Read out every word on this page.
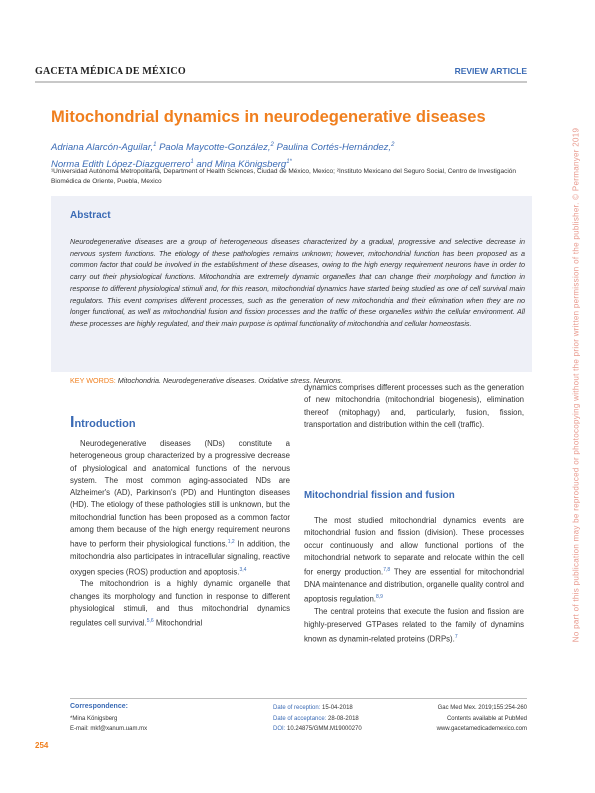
GACETA MÉDICA DE MÉXICO	REVIEW ARTICLE
Mitochondrial dynamics in neurodegenerative diseases
Adriana Alarcón-Aguilar,$^1$ Paola Maycotte-González,$^2$ Paulina Cortés-Hernández,$^2$
Norma Edith López-Diazguerrero$^1$ and Mina Königsberg$^{1*}$
¹Universidad Autónoma Metropolitana, Department of Health Sciences, Ciudad de México, Mexico; ²Instituto Mexicano del Seguro Social, Centro de Investigación Biomédica de Oriente, Puebla, Mexico
Abstract
Neurodegenerative diseases are a group of heterogeneous diseases characterized by a gradual, progressive and selective decrease in nervous system functions. The etiology of these pathologies remains unknown; however, mitochondrial function has been proposed as a common factor that could be involved in the establishment of these diseases, owing to the high energy requirement neurons have in order to carry out their physiological functions. Mitochondria are extremely dynamic organelles that can change their morphology and function in response to different physiological stimuli and, for this reason, mitochondrial dynamics have started being studied as one of cell survival main regulators. This event comprises different processes, such as the generation of new mitochondria and their elimination when they are no longer functional, as well as mitochondrial fusion and fission processes and the traffic of these organelles within the cellular environment. All these processes are highly regulated, and their main purpose is optimal functionality of mitochondria and cellular homeostasis.
KEY WORDS: Mitochondria. Neurodegenerative diseases. Oxidative stress. Neurons.
Introduction

Neurodegenerative diseases (NDs) constitute a heterogeneous group characterized by a progressive decrease of physiological and anatomical functions of the nervous system. The most common aging-associated NDs are Alzheimer's (AD), Parkinson's (PD) and Huntington diseases (HD). The etiology of these pathologies still is unknown, but the mitochondrial function has been proposed as a common factor among them because of the high energy requirement neurons have to perform their physiological functions.$^{1,2}$ In addition, the mitochondria also participates in intracellular signaling, reactive oxygen species (ROS) production and apoptosis.$^{3,4}$

The mitochondrion is a highly dynamic organelle that changes its morphology and function in response to different physiological stimuli, and thus mitochondrial dynamics regulates cell survival.$^{5,6}$ Mitochondrial

dynamics comprises different processes such as the generation of new mitochondria (mitochondrial biogenesis), elimination thereof (mitophagy) and, particularly, fusion, fission, transportation and distribution within the cell (traffic).

Mitochondrial fission and fusion

The most studied mitochondrial dynamics events are mitochondrial fusion and fission (division). These processes occur continuously and allow functional portions of the mitochondrial network to separate and relocate within the cell for energy production.$^{7,8}$ They are essential for mitochondrial DNA maintenance and distribution, organelle quality control and apoptosis regulation.$^{8,9}$

The central proteins that execute the fusion and fission are highly-preserved GTPases related to the family of dynamins known as dynamin-related proteins (DRPs).$^7$

Correspondence:
*Mina Königsberg
E-mail: mkf@xanum.uam.mx
Date of reception: 15-04-2018
Date of acceptance: 28-08-2018
DOI: 10.24875/GMM.M19000270
Gac Med Mex. 2019;155:254-260
Contents available at PubMed
www.gacetamedicademexico.com
254
No part of this publication may be reproduced or photocopying without the prior written permission of the publisher. © Permanyer 2019
